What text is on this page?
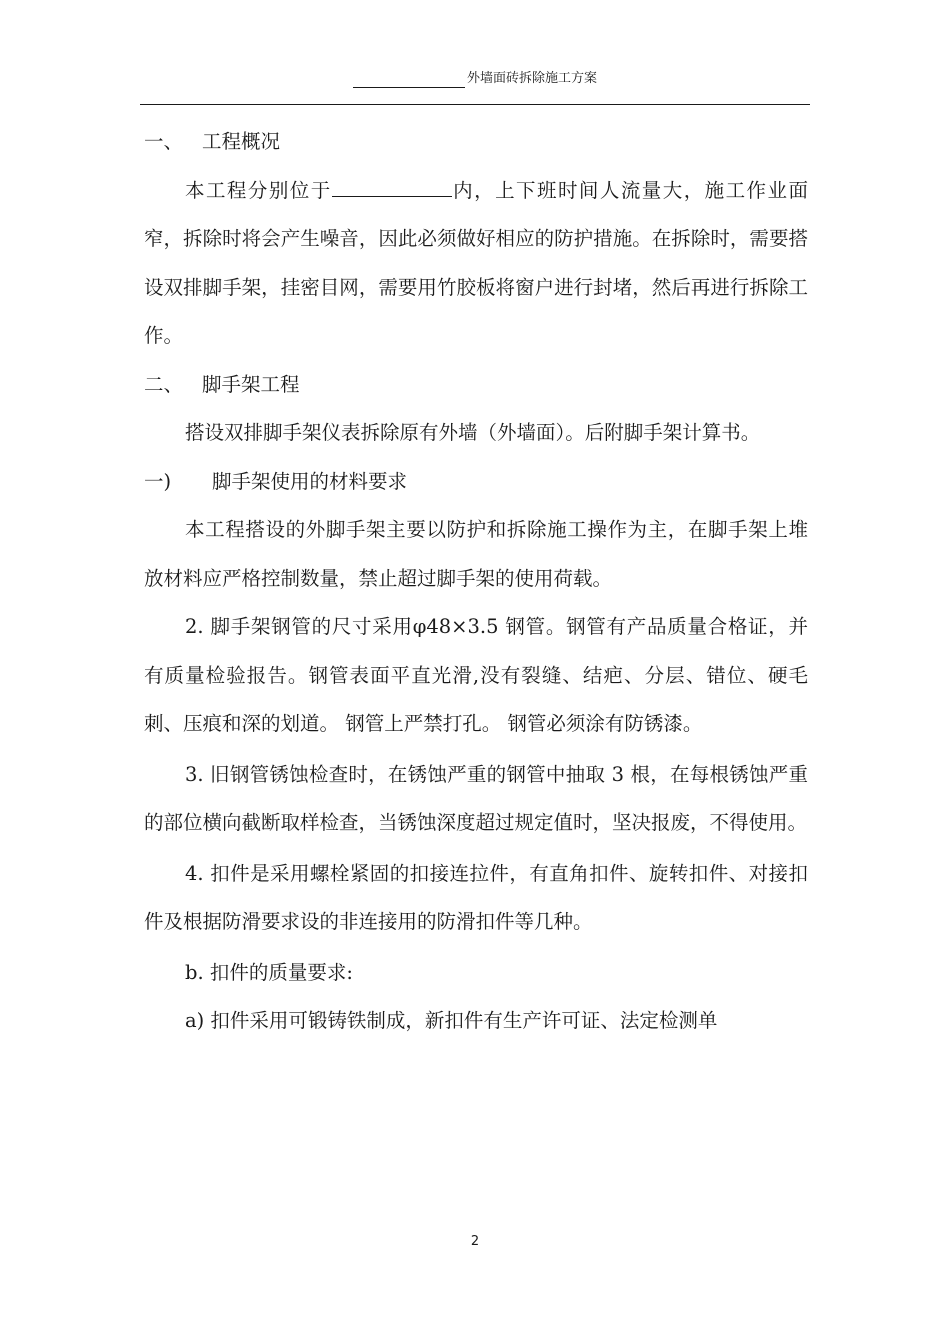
外墙面砖拆除施工方案

一、 工程概况

本工程分别位于	内，上下班时间人流量大，施工作业面窄，拆除时将会产生噪音，因此必须做好相应的防护措施。在拆除时，需要搭设双排脚手架，挂密目网，需要用竹胶板将窗户进行封堵，然后再进行拆除工作。

二、 脚手架工程

搭设双排脚手架仪表拆除原有外墙（外墙面）。后附脚手架计算书。

一)	脚手架使用的材料要求

本工程搭设的外脚手架主要以防护和拆除施工操作为主，在脚手架上堆放材料应严格控制数量，禁止超过脚手架的使用荷载。

2. 脚手架钢管的尺寸采用φ48×3.5 钢管。钢管有产品质量合格证，并有质量检验报告。钢管表面平直光滑,没有裂缝、结疤、分层、错位、硬毛刺、压痕和深的划道。 钢管上严禁打孔。 钢管必须涂有防锈漆。

3. 旧钢管锈蚀检查时，在锈蚀严重的钢管中抽取 3 根，在每根锈蚀严重的部位横向截断取样检查，当锈蚀深度超过规定值时，坚决报废，不得使用。

4. 扣件是采用螺栓紧固的扣接连拉件，有直角扣件、旋转扣件、对接扣件及根据防滑要求设的非连接用的防滑扣件等几种。

b. 扣件的质量要求:

a) 扣件采用可锻铸铁制成，新扣件有生产许可证、法定检测单

2
